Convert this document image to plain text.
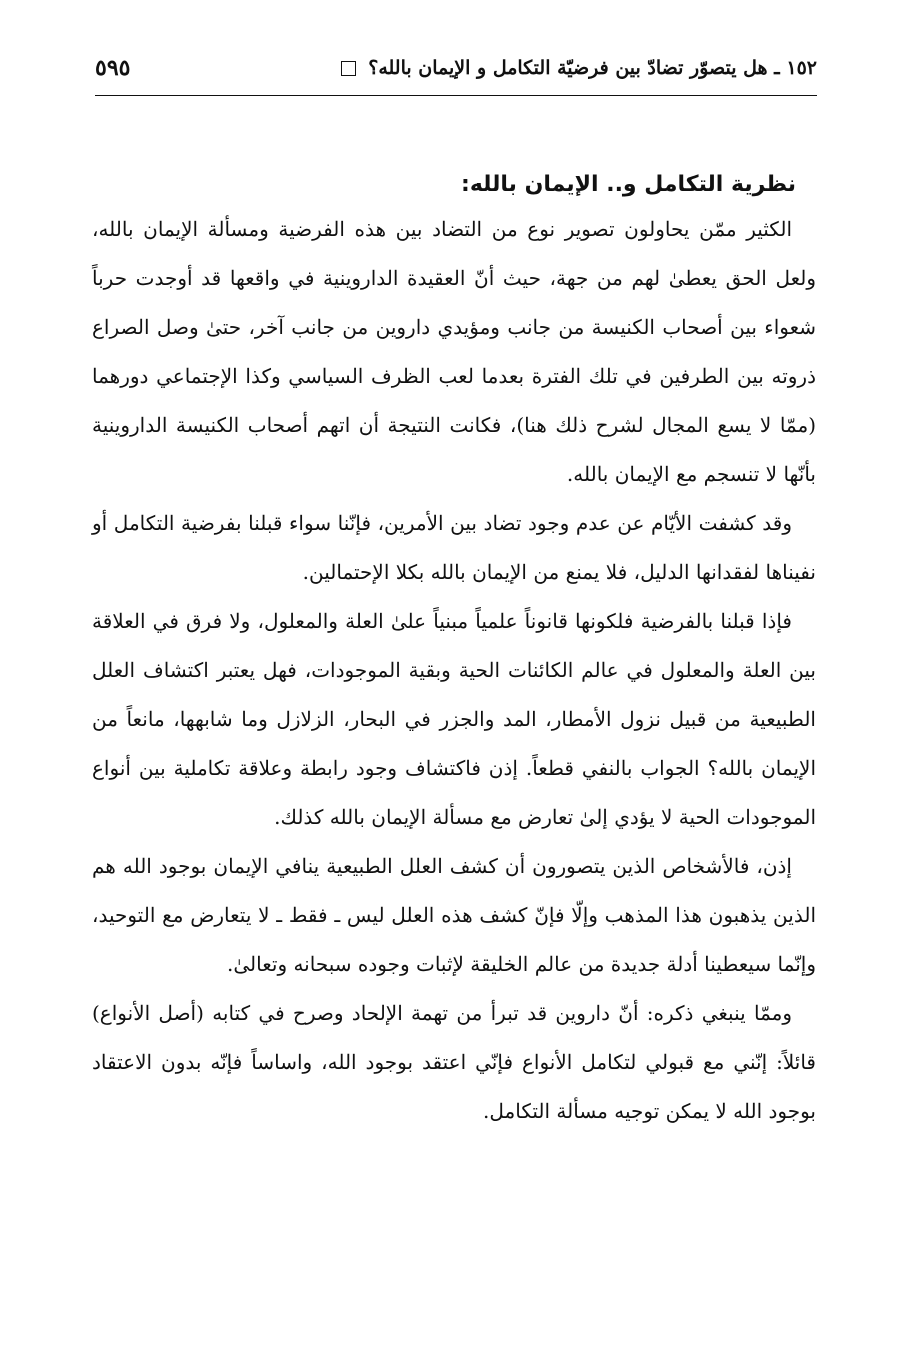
١٥٢ ـ هل يتصوّر تضادّ بين فرضيّة التكامل و الإيمان بالله؟
٥٩٥
نظرية التكامل و.. الإيمان بالله:

الكثير ممّن يحاولون تصوير نوع من التضاد بين هذه الفرضية ومسألة الإيمان بالله، ولعل الحق يعطىٰ لهم من جهة، حيث أنّ العقيدة الداروينية في واقعها قد أوجدت حرباً شعواء بين أصحاب الكنيسة من جانب ومؤيدي داروين من جانب آخر، حتىٰ وصل الصراع ذروته بين الطرفين في تلك الفترة بعدما لعب الظرف السياسي وكذا الإجتماعي دورهما (ممّا لا يسع المجال لشرح ذلك هنا)، فكانت النتيجة أن اتهم أصحاب الكنيسة الداروينية بأنّها لا تنسجم مع الإيمان بالله.

وقد كشفت الأيّام عن عدم وجود تضاد بين الأمرين، فإنّنا سواء قبلنا بفرضية التكامل أو نفيناها لفقدانها الدليل، فلا يمنع من الإيمان بالله بكلا الإحتمالين.

فإذا قبلنا بالفرضية فلكونها قانوناً علمياً مبنياً علىٰ العلة والمعلول، ولا فرق في العلاقة بين العلة والمعلول في عالم الكائنات الحية وبقية الموجودات، فهل يعتبر اكتشاف العلل الطبيعية من قبيل نزول الأمطار، المد والجزر في البحار، الزلازل وما شابهها، مانعاً من الإيمان بالله؟ الجواب بالنفي قطعاً. إذن فاكتشاف وجود رابطة وعلاقة تكاملية بين أنواع الموجودات الحية لا يؤدي إلىٰ تعارض مع مسألة الإيمان بالله كذلك.

إذن، فالأشخاص الذين يتصورون أن كشف العلل الطبيعية ينافي الإيمان بوجود الله هم الذين يذهبون هذا المذهب وإلّا فإنّ كشف هذه العلل ليس ـ فقط ـ لا يتعارض مع التوحيد، وإنّما سيعطينا أدلة جديدة من عالم الخليقة لإثبات وجوده سبحانه وتعالىٰ.

وممّا ينبغي ذكره: أنّ داروين قد تبرأ من تهمة الإلحاد وصرح في كتابه (أصل الأنواع) قائلاً: إنّني مع قبولي لتكامل الأنواع فإنّي اعتقد بوجود الله، واساساً فإنّه بدون الاعتقاد بوجود الله لا يمكن توجيه مسألة التكامل.
